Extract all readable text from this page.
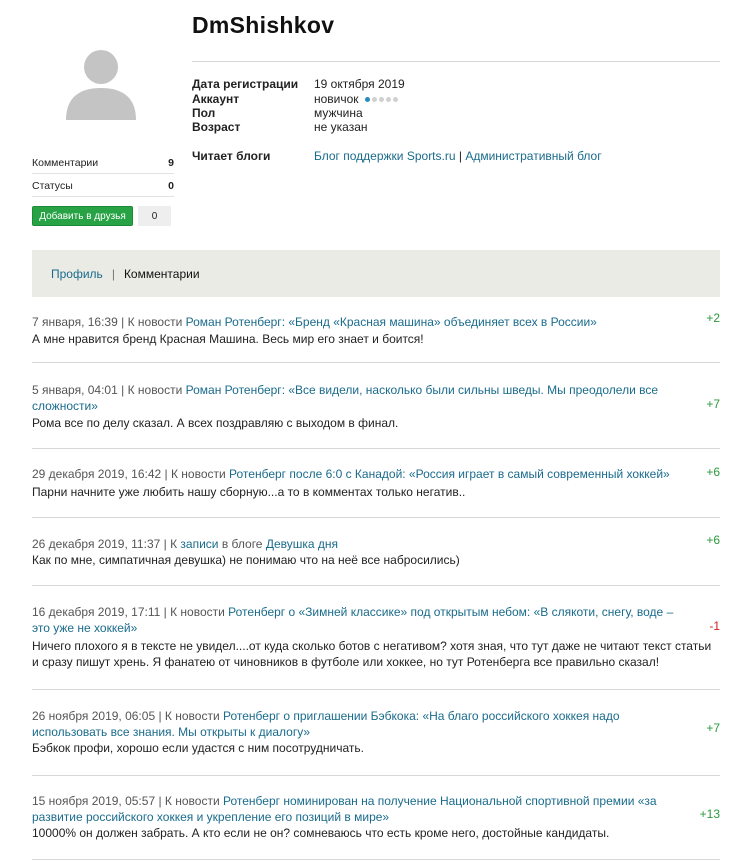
Комментарии	9
Статусы	0
Добавить в друзья	0
DmShishkov
Дата регистрации 19 октября 2019
Аккаунт	новичок
Пол	мужчина
Возраст	не указан
Читает блоги	Блог поддержки Sports.ru | Административный блог
Профиль | Комментарии
7 января, 16:39 | К новости Роман Ротенберг: «Бренд «Красная машина» объединяет всех в России»
А мне нравится бренд Красная Машина. Весь мир его знает и боится!
+2
5 января, 04:01 | К новости Роман Ротенберг: «Все видели, насколько были сильны шведы. Мы преодолели все сложности»
Рома все по делу сказал. А всех поздравляю с выходом в финал.
+7
29 декабря 2019, 16:42 | К новости Ротенберг после 6:0 с Канадой: «Россия играет в самый современный хоккей»
Парни начните уже любить нашу сборную...а то в комментах только негатив..
+6
26 декабря 2019, 11:37 | К записи в блоге Девушка дня
Как по мне, симпатичная девушка) не понимаю что на неё все набросились)
+6
16 декабря 2019, 17:11 | К новости Ротенберг о «Зимней классике» под открытым небом: «В слякоти, снегу, воде – это уже не хоккей»
Ничего плохого я в тексте не увидел....от куда сколько ботов с негативом? хотя зная, что тут даже не читают текст статьи и сразу пишут хрень. Я фанатею от чиновников в футболе или хоккее, но тут Ротенберга все правильно сказал!
-1
26 ноября 2019, 06:05 | К новости Ротенберг о приглашении Бэбкока: «На благо российского хоккея надо использовать все знания. Мы открыты к диалогу»
Бэбкок профи, хорошо если удастся с ним посотрудничать.
+7
15 ноября 2019, 05:57 | К новости Ротенберг номинирован на получение Национальной спортивной премии «за развитие российского хоккея и укрепление его позиций в мире»
10000% он должен забрать. А кто если не он? сомневаюсь что есть кроме него, достойные кандидаты.
+13
